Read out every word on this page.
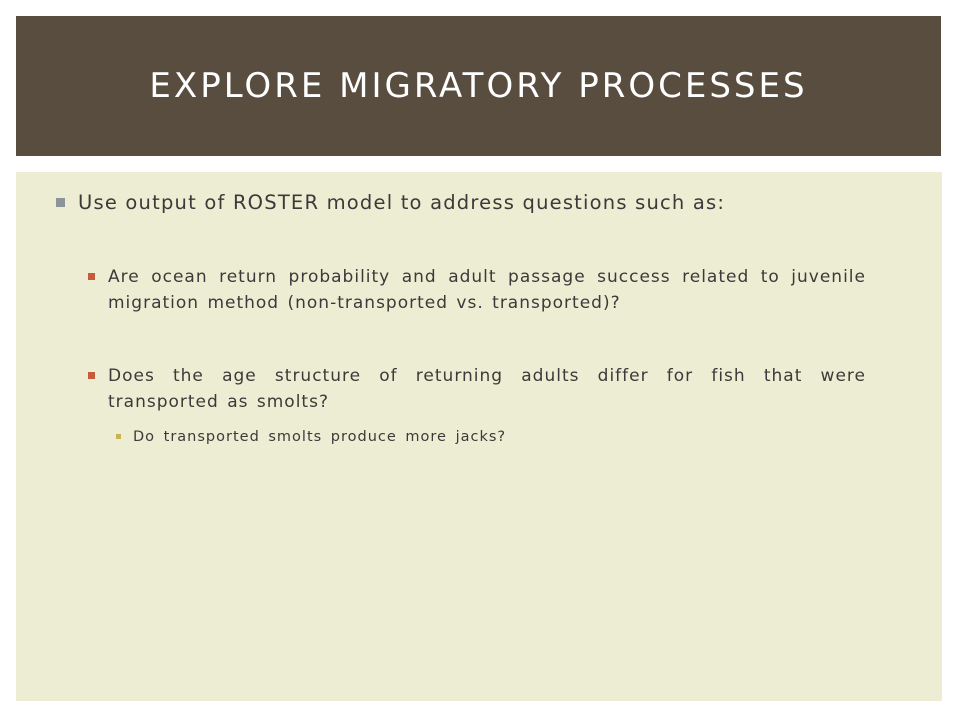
EXPLORE MIGRATORY PROCESSES
Use output of ROSTER model to address questions such as:
Are ocean return probability and adult passage success related to juvenile migration method (non-transported vs. transported)?
Does the age structure of returning adults differ for fish that were transported as smolts?
Do transported smolts produce more jacks?
